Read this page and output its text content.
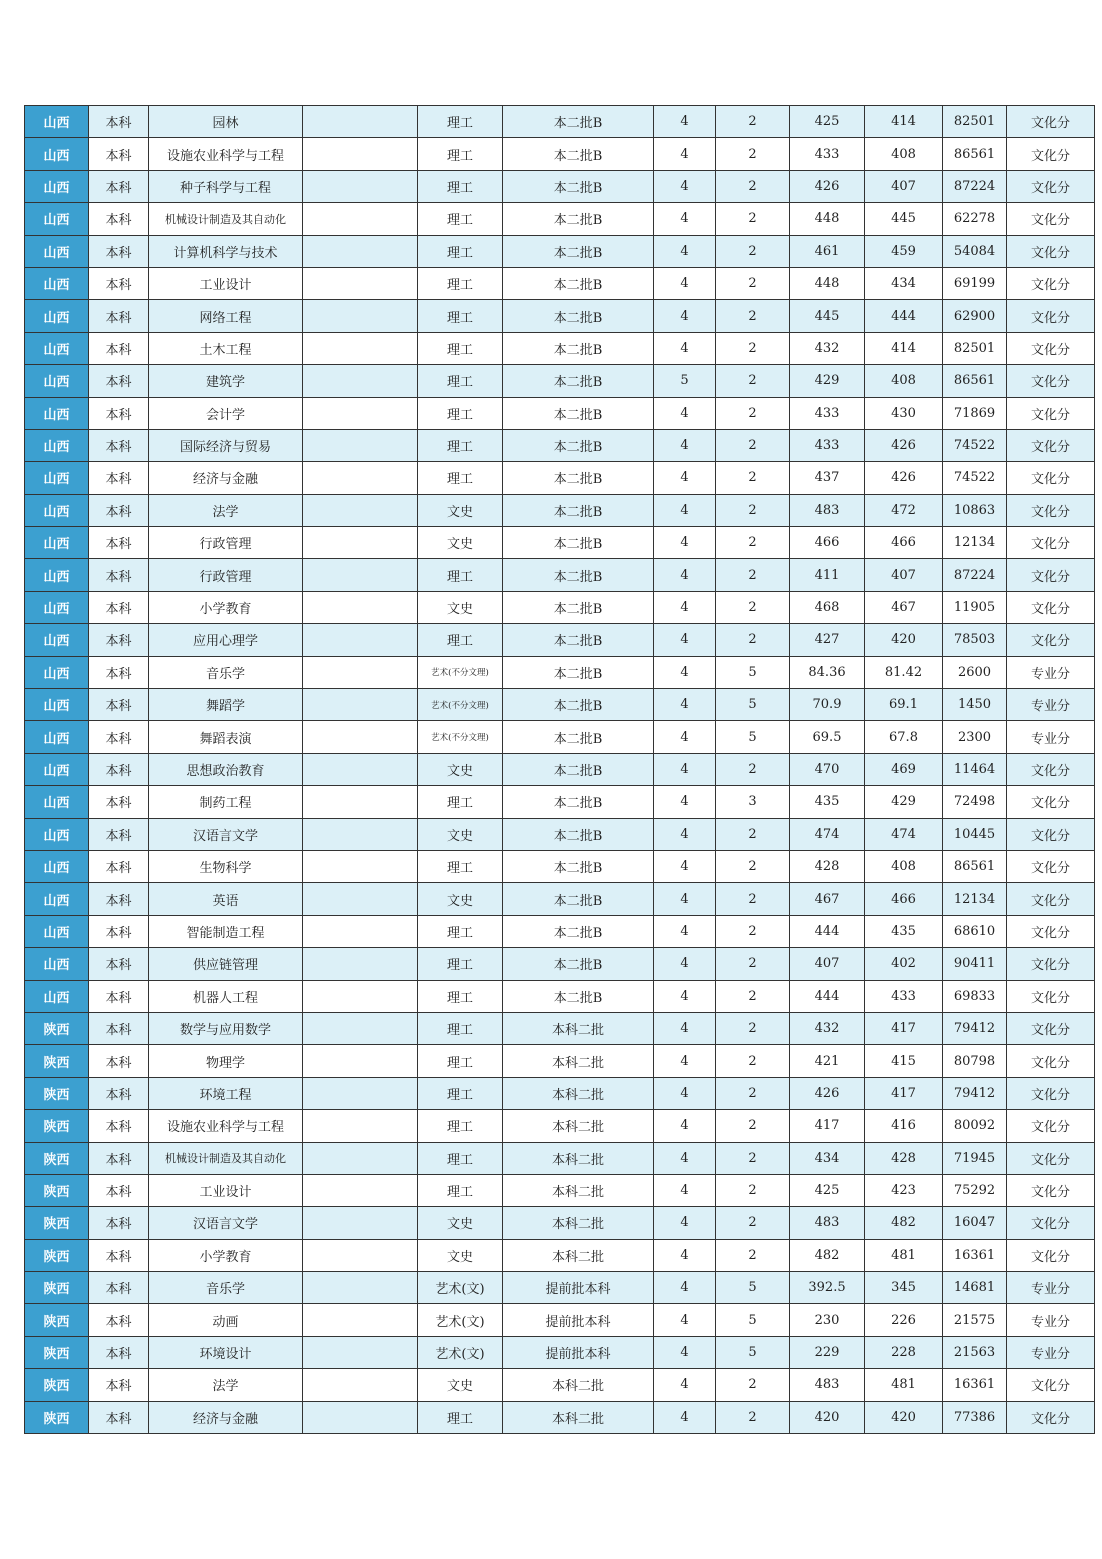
山西	本科	园林		理工	本二批B	4	2	425	414	82501	文化分
山西	本科	设施农业科学与工程		理工	本二批B	4	2	433	408	86561	文化分
山西	本科	种子科学与工程		理工	本二批B	4	2	426	407	87224	文化分
山西	本科	机械设计制造及其自动化		理工	本二批B	4	2	448	445	62278	文化分
山西	本科	计算机科学与技术		理工	本二批B	4	2	461	459	54084	文化分
山西	本科	工业设计		理工	本二批B	4	2	448	434	69199	文化分
山西	本科	网络工程		理工	本二批B	4	2	445	444	62900	文化分
山西	本科	土木工程		理工	本二批B	4	2	432	414	82501	文化分
山西	本科	建筑学		理工	本二批B	5	2	429	408	86561	文化分
山西	本科	会计学		理工	本二批B	4	2	433	430	71869	文化分
山西	本科	国际经济与贸易		理工	本二批B	4	2	433	426	74522	文化分
山西	本科	经济与金融		理工	本二批B	4	2	437	426	74522	文化分
山西	本科	法学		文史	本二批B	4	2	483	472	10863	文化分
山西	本科	行政管理		文史	本二批B	4	2	466	466	12134	文化分
山西	本科	行政管理		理工	本二批B	4	2	411	407	87224	文化分
山西	本科	小学教育		文史	本二批B	4	2	468	467	11905	文化分
山西	本科	应用心理学		理工	本二批B	4	2	427	420	78503	文化分
山西	本科	音乐学		艺术(不分文理)	本二批B	4	5	84.36	81.42	2600	专业分
山西	本科	舞蹈学		艺术(不分文理)	本二批B	4	5	70.9	69.1	1450	专业分
山西	本科	舞蹈表演		艺术(不分文理)	本二批B	4	5	69.5	67.8	2300	专业分
山西	本科	思想政治教育		文史	本二批B	4	2	470	469	11464	文化分
山西	本科	制药工程		理工	本二批B	4	3	435	429	72498	文化分
山西	本科	汉语言文学		文史	本二批B	4	2	474	474	10445	文化分
山西	本科	生物科学		理工	本二批B	4	2	428	408	86561	文化分
山西	本科	英语		文史	本二批B	4	2	467	466	12134	文化分
山西	本科	智能制造工程		理工	本二批B	4	2	444	435	68610	文化分
山西	本科	供应链管理		理工	本二批B	4	2	407	402	90411	文化分
山西	本科	机器人工程		理工	本二批B	4	2	444	433	69833	文化分
陕西	本科	数学与应用数学		理工	本科二批	4	2	432	417	79412	文化分
陕西	本科	物理学		理工	本科二批	4	2	421	415	80798	文化分
陕西	本科	环境工程		理工	本科二批	4	2	426	417	79412	文化分
陕西	本科	设施农业科学与工程		理工	本科二批	4	2	417	416	80092	文化分
陕西	本科	机械设计制造及其自动化		理工	本科二批	4	2	434	428	71945	文化分
陕西	本科	工业设计		理工	本科二批	4	2	425	423	75292	文化分
陕西	本科	汉语言文学		文史	本科二批	4	2	483	482	16047	文化分
陕西	本科	小学教育		文史	本科二批	4	2	482	481	16361	文化分
陕西	本科	音乐学		艺术(文)	提前批本科	4	5	392.5	345	14681	专业分
陕西	本科	动画		艺术(文)	提前批本科	4	5	230	226	21575	专业分
陕西	本科	环境设计		艺术(文)	提前批本科	4	5	229	228	21563	专业分
陕西	本科	法学		文史	本科二批	4	2	483	481	16361	文化分
陕西	本科	经济与金融		理工	本科二批	4	2	420	420	77386	文化分
